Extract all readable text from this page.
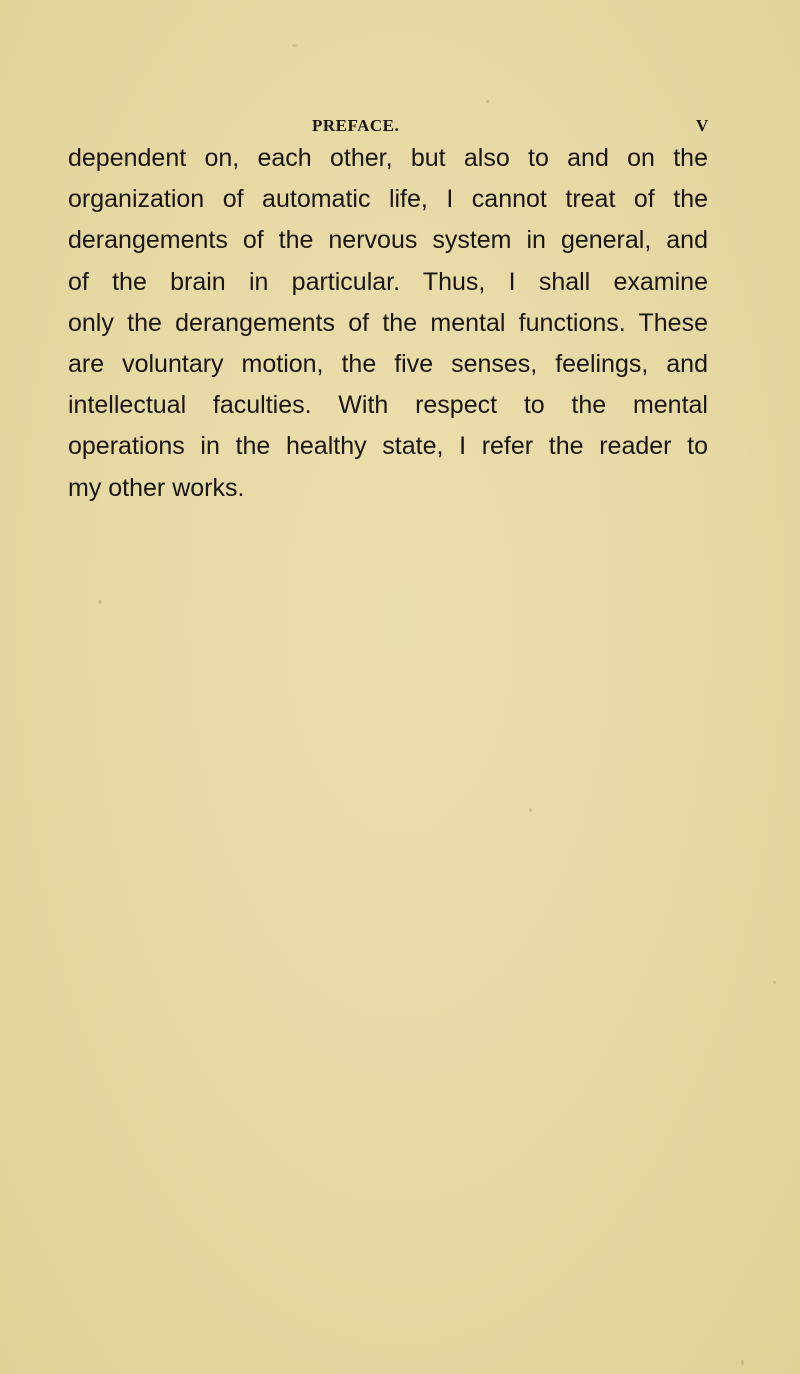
PREFACE.	V
dependent on, each other, but also to and on the
organization of automatic life, I cannot treat of the
derangements of the nervous system in general, and
of the brain in particular. Thus, I shall examine
only the derangements of the mental functions. These
are voluntary motion, the five senses, feelings, and
intellectual faculties. With respect to the mental
operations in the healthy state, I refer the reader to
my other works.
